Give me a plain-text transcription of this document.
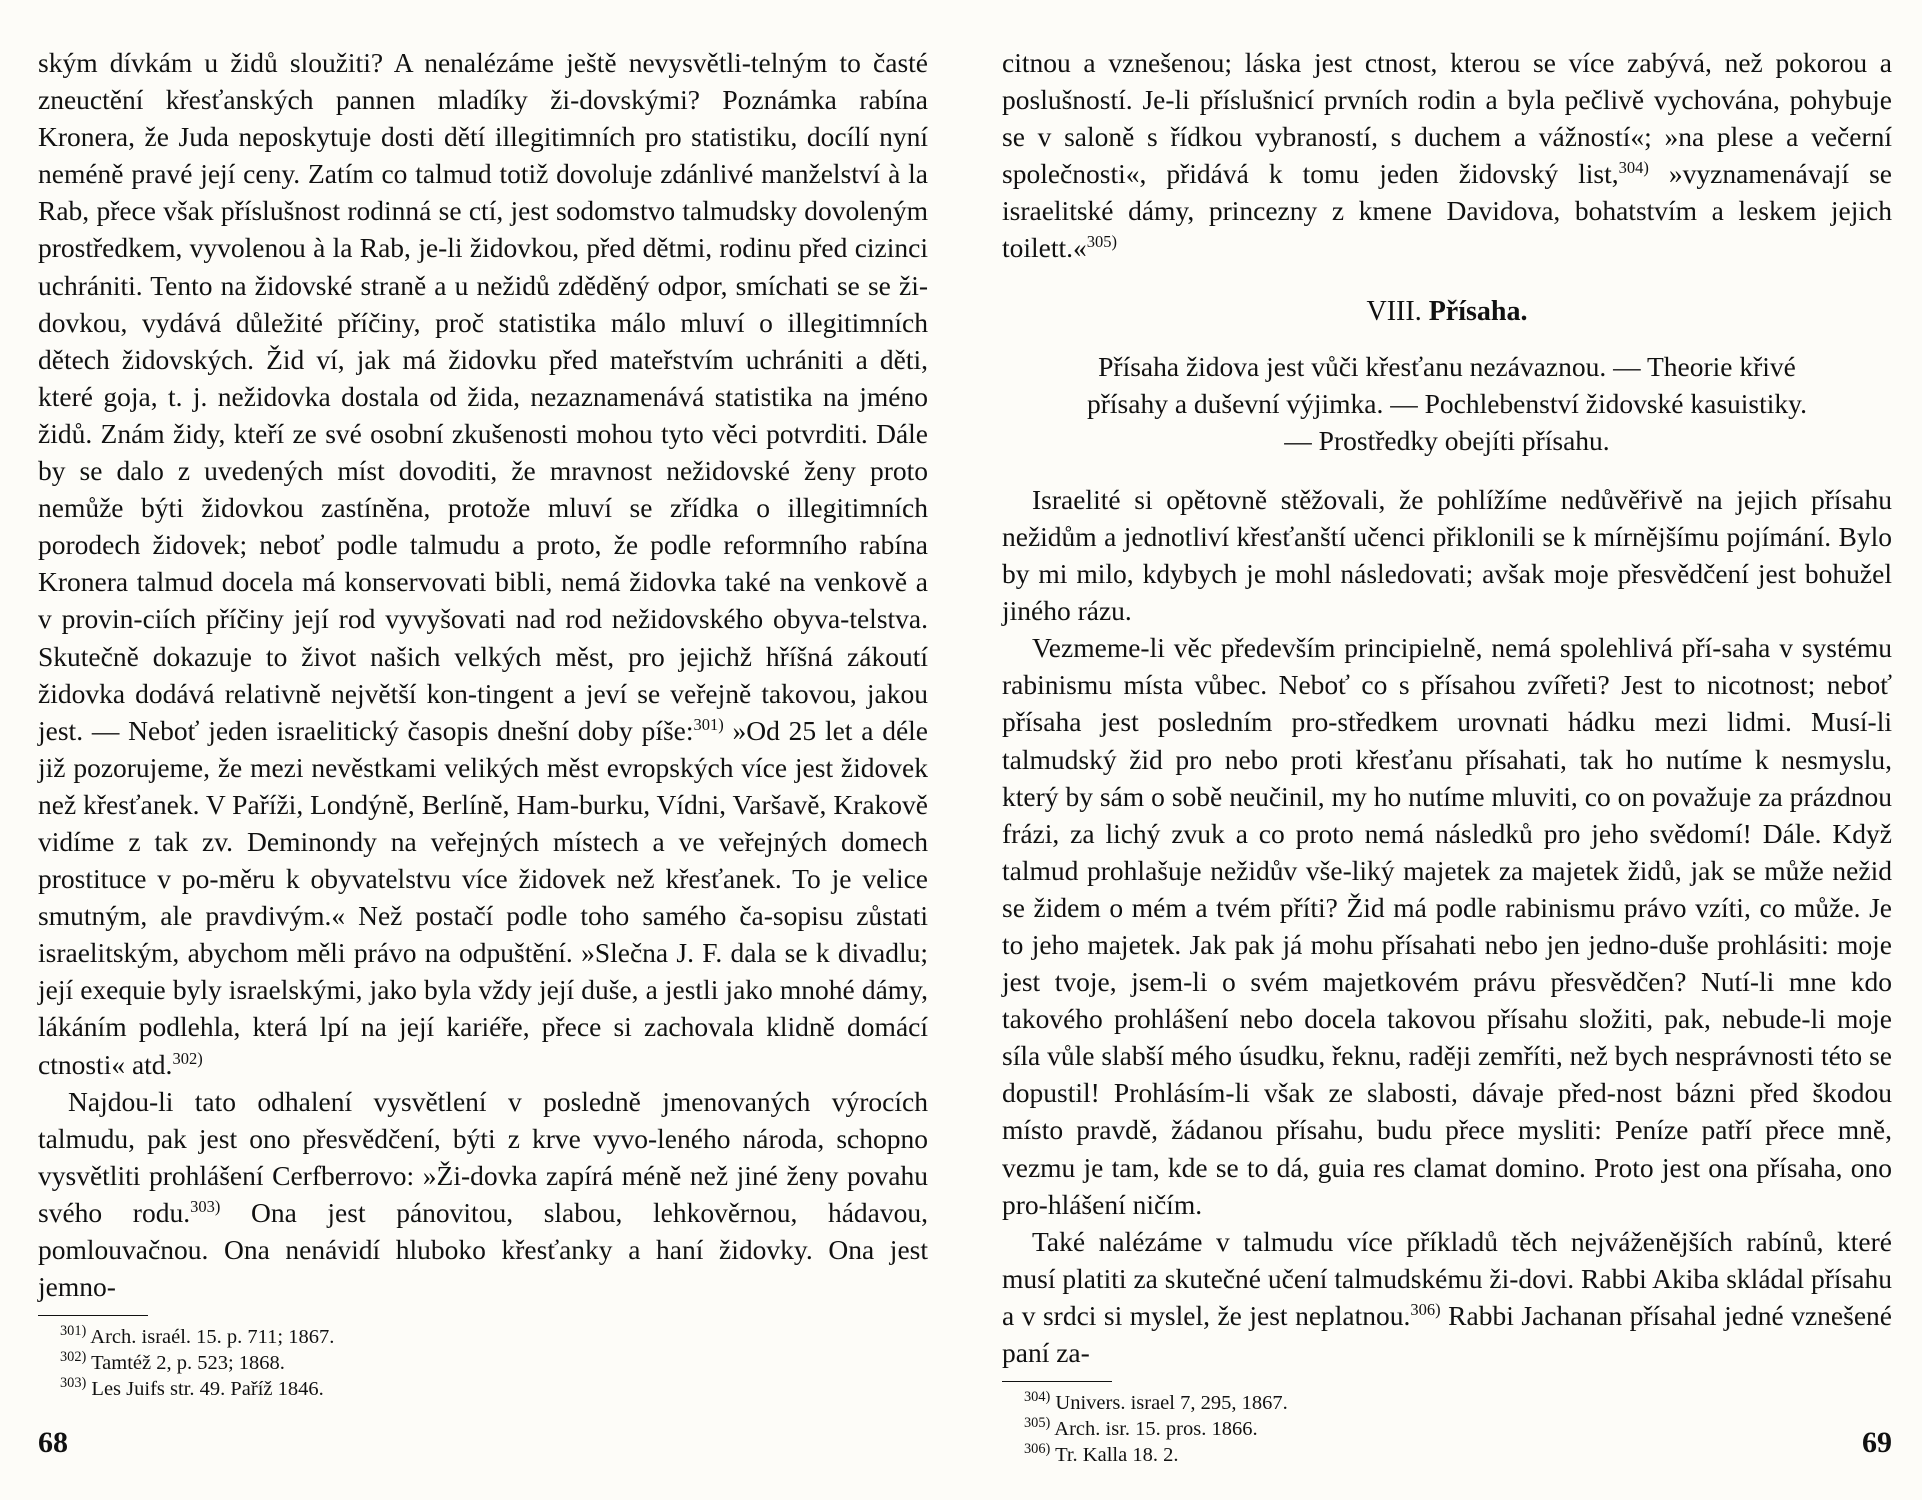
ským dívkám u židů sloužiti? A nenalézáme ještě nevysvětli-telným to časté zneuctění křesťanských pannen mladíky ži-dovskými? Poznámka rabína Kronera, že Juda neposkytuje dosti dětí illegitimních pro statistiku, docílí nyní neméně pravé její ceny. Zatím co talmud totiž dovoluje zdánlivé manželství à la Rab, přece však příslušnost rodinná se ctí, jest sodomstvo talmudsky dovoleným prostředkem, vyvolenou à la Rab, je-li židovkou, před dětmi, rodinu před cizinci uchrániti. Tento na židovské straně a u nežidů zděděný odpor, smíchati se se ži-dovkou, vydává důležité příčiny, proč statistika málo mluví o illegitimních dětech židovských. Žid ví, jak má židovku před mateřstvím uchrániti a děti, které goja, t. j. nežidovka dostala od žida, nezaznamenává statistika na jméno židů. Znám židy, kteří ze své osobní zkušenosti mohou tyto věci potvrditi. Dále by se dalo z uvedených míst dovoditi, že mravnost nežidovské ženy proto nemůže býti židovkou zastíněna, protože mluví se zřídka o illegitimních porodech židovek; neboť podle talmudu a proto, že podle reformního rabína Kronera talmud docela má konservovati bibli, nemá židovka také na venkově a v provin-ciích příčiny její rod vyvyšovati nad rod nežidovského obyva-telstva. Skutečně dokazuje to život našich velkých měst, pro jejichž hříšná zákoutí židovka dodává relativně největší kon-tingent a jeví se veřejně takovou, jakou jest. — Neboť jeden israelitický časopis dnešní doby píše:$^{301)}$ »Od 25 let a déle již pozorujeme, že mezi nevěstkami velikých měst evropských více jest židovek než křesťanek. V Paříži, Londýně, Berlíně, Ham-burku, Vídni, Varšavě, Krakově vidíme z tak zv. Deminondy na veřejných místech a ve veřejných domech prostituce v po-měru k obyvatelstvu více židovek než křesťanek. To je velice smutným, ale pravdivým.« Než postačí podle toho samého ča-sopisu zůstati israelitským, abychom měli právo na odpuštění. »Slečna J. F. dala se k divadlu; její exequie byly israelskými, jako byla vždy její duše, a jestli jako mnohé dámy, lákáním podlehla, která lpí na její kariéře, přece si zachovala klidně domácí ctnosti« atd.$^{302)}$

Najdou-li tato odhalení vysvětlení v posledně jmenovaných výrocích talmudu, pak jest ono přesvědčení, býti z krve vyvo-leného národa, schopno vysvětliti prohlášení Cerfberrovo: »Ži-dovka zapírá méně než jiné ženy povahu svého rodu.$^{303)}$ Ona jest pánovitou, slabou, lehkověrnou, hádavou, pomlouvačnou. Ona nenávidí hluboko křesťanky a haní židovky. Ona jest jemno-

$^{301)}$ Arch. israél. 15. p. 711; 1867.

$^{302)}$ Tamtéž 2, p. 523; 1868.

$^{303)}$ Les Juifs str. 49. Paříž 1846.

68

citnou a vznešenou; láska jest ctnost, kterou se více zabývá, než pokorou a poslušností. Je-li příslušnicí prvních rodin a byla pečlivě vychována, pohybuje se v saloně s řídkou vybraností, s duchem a vážností«; »na plese a večerní společnosti«, přidává k tomu jeden židovský list,$^{304)}$ »vyznamenávají se israelitské dámy, princezny z kmene Davidova, bohatstvím a leskem jejich toilett.«$^{305)}$

VIII. Přísaha.
Přísaha židova jest vůči křesťanu nezávaznou. — Theorie křivé
přísahy a duševní výjimka. — Pochlebenství židovské kasuistiky.
— Prostředky obejíti přísahu.

Israelité si opětovně stěžovali, že pohlížíme nedůvěřivě na jejich přísahu nežidům a jednotliví křesťanští učenci přiklonili se k mírnějšímu pojímání. Bylo by mi milo, kdybych je mohl následovati; avšak moje přesvědčení jest bohužel jiného rázu.

Vezmeme-li věc především principielně, nemá spolehlivá pří-saha v systému rabinismu místa vůbec. Neboť co s přísahou zvířeti? Jest to nicotnost; neboť přísaha jest posledním pro-středkem urovnati hádku mezi lidmi. Musí-li talmudský žid pro nebo proti křesťanu přísahati, tak ho nutíme k nesmyslu, který by sám o sobě neučinil, my ho nutíme mluviti, co on považuje za prázdnou frázi, za lichý zvuk a co proto nemá následků pro jeho svědomí! Dále. Když talmud prohlašuje nežidův vše-liký majetek za majetek židů, jak se může nežid se židem o mém a tvém příti? Žid má podle rabinismu právo vzíti, co může. Je to jeho majetek. Jak pak já mohu přísahati nebo jen jedno-duše prohlásiti: moje jest tvoje, jsem-li o svém majetkovém právu přesvědčen? Nutí-li mne kdo takového prohlášení nebo docela takovou přísahu složiti, pak, nebude-li moje síla vůle slabší mého úsudku, řeknu, raději zemříti, než bych nesprávnosti této se dopustil! Prohlásím-li však ze slabosti, dávaje před-nost bázni před škodou místo pravdě, žádanou přísahu, budu přece mysliti: Peníze patří přece mně, vezmu je tam, kde se to dá, guia res clamat domino. Proto jest ona přísaha, ono pro-hlášení ničím.

Také nalézáme v talmudu více příkladů těch nejváženějších rabínů, které musí platiti za skutečné učení talmudskému ži-dovi. Rabbi Akiba skládal přísahu a v srdci si myslel, že jest neplatnou.$^{306)}$ Rabbi Jachanan přísahal jedné vznešené paní za-

$^{304)}$ Univers. israel 7, 295, 1867.

$^{305)}$ Arch. isr. 15. pros. 1866.

$^{306)}$ Tr. Kalla 18. 2.	69
